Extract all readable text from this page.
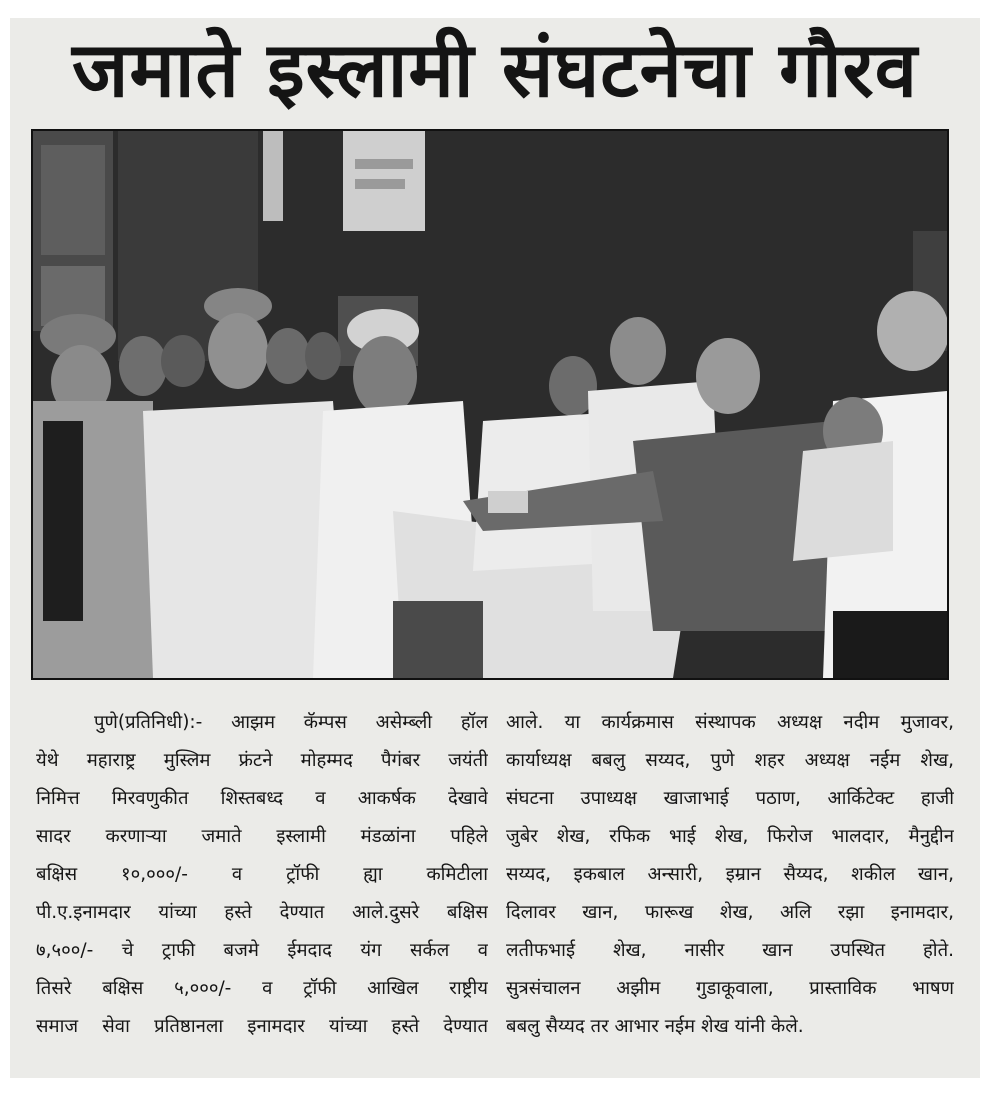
जमाते इस्लामी संघटनेचा गौरव
पुणे(प्रतिनिधी):- आझम कॅम्पस असेम्ब्ली हॉल
येथे महाराष्ट्र मुस्लिम फ्रंटने मोहम्मद पैगंबर जयंती
निमित्त मिरवणुकीत शिस्तबध्द व आकर्षक देखावे
सादर करणाऱ्या जमाते इस्लामी मंडळांना पहिले
बक्षिस १०,०००/- व ट्रॉफी ह्या कमिटीला
पी.ए.इनामदार यांच्या हस्ते देण्यात आले.दुसरे बक्षिस
७,५००/- चे ट्राफी बजमे ईमदाद यंग सर्कल व
तिसरे बक्षिस ५,०००/- व ट्रॉफी आखिल राष्ट्रीय
समाज सेवा प्रतिष्ठानला इनामदार यांच्या हस्ते देण्यात
आले. या कार्यक्रमास संस्थापक अध्यक्ष नदीम मुजावर,
कार्याध्यक्ष बबलु सय्यद, पुणे शहर अध्यक्ष नईम शेख,
संघटना उपाध्यक्ष खाजाभाई पठाण, आर्किटेक्ट हाजी
जुबेर शेख, रफिक भाई शेख, फिरोज भालदार, मैनुद्दीन
सय्यद, इकबाल अन्सारी, इम्रान सैय्यद, शकील खान,
दिलावर खान, फारूख शेख, अलि रझा इनामदार,
लतीफभाई शेख, नासीर खान उपस्थित होते.
सुत्रसंचालन अझीम गुडाकूवाला, प्रास्ताविक भाषण
बबलु सैय्यद तर आभार नईम शेख यांनी केले.
